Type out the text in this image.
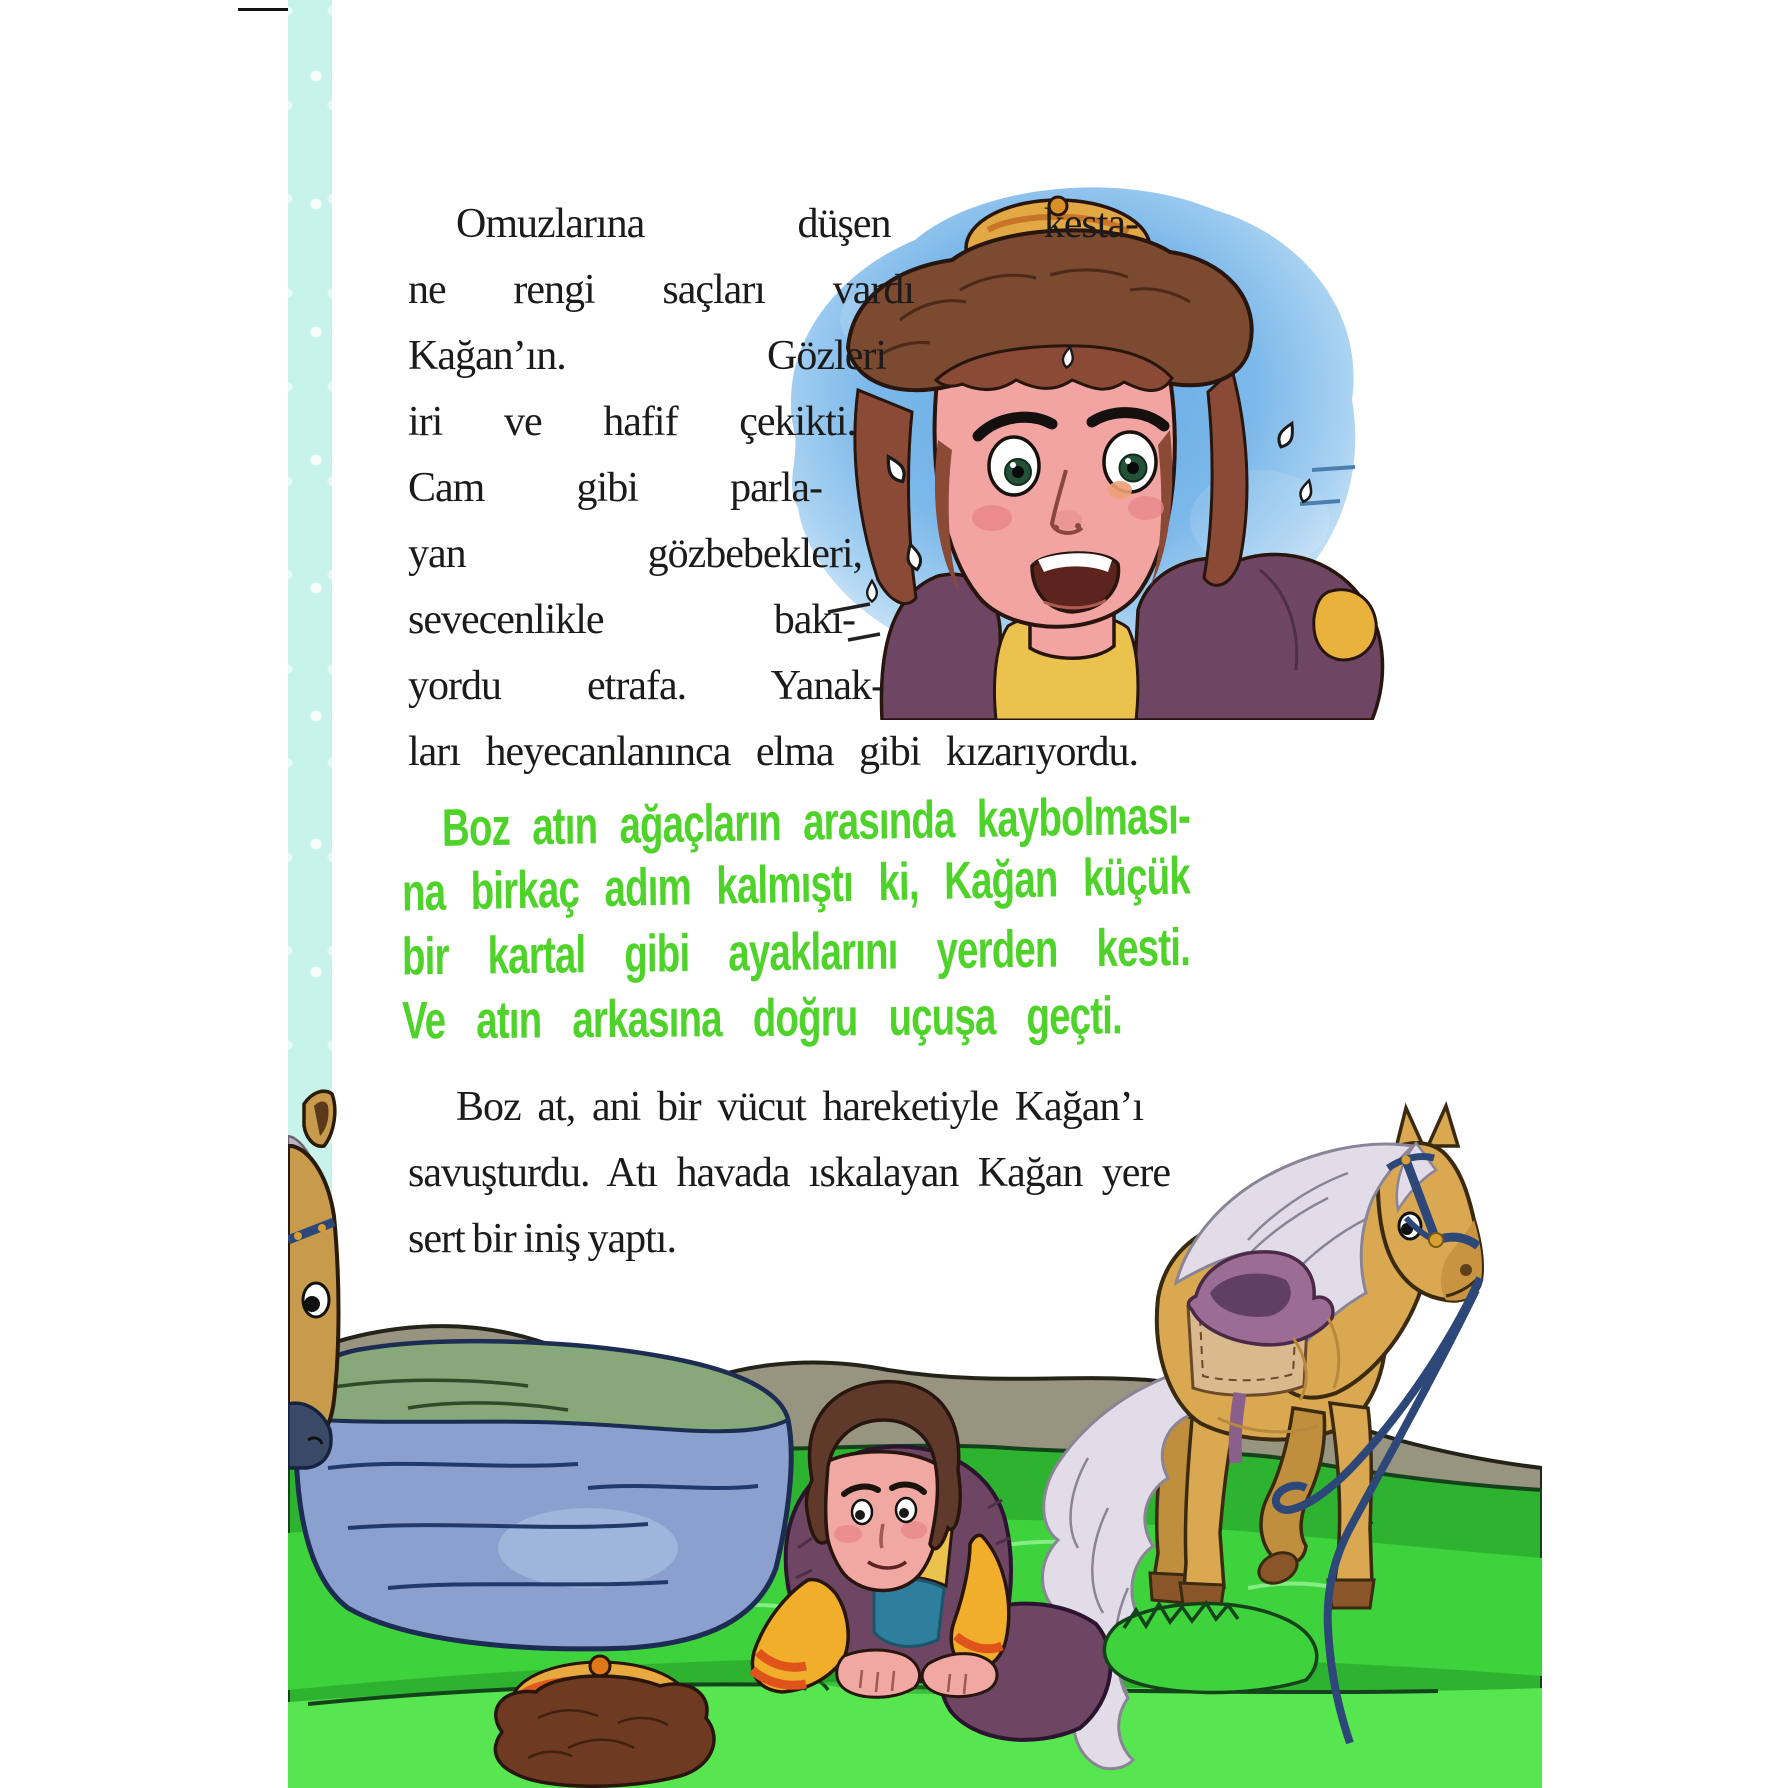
Omuzlarına düşen kesta-
ne rengi saçları vardı
Kağan’ın. Gözleri
iri ve hafif çekikti.
Cam gibi parla-
yan gözbebekleri,
sevecenlikle bakı-
yordu etrafa. Yanak-
ları heyecanlanınca elma gibi kızarıyordu.
Boz atın ağaçların arasında kaybolması-
na birkaç adım kalmıştı ki, Kağan küçük
bir kartal gibi ayaklarını yerden kesti.
Ve atın arkasına doğru uçuşa geçti.
Boz at, ani bir vücut hareketiyle Kağan’ı
savuşturdu. Atı havada ıskalayan Kağan yere
sert bir iniş yaptı.
